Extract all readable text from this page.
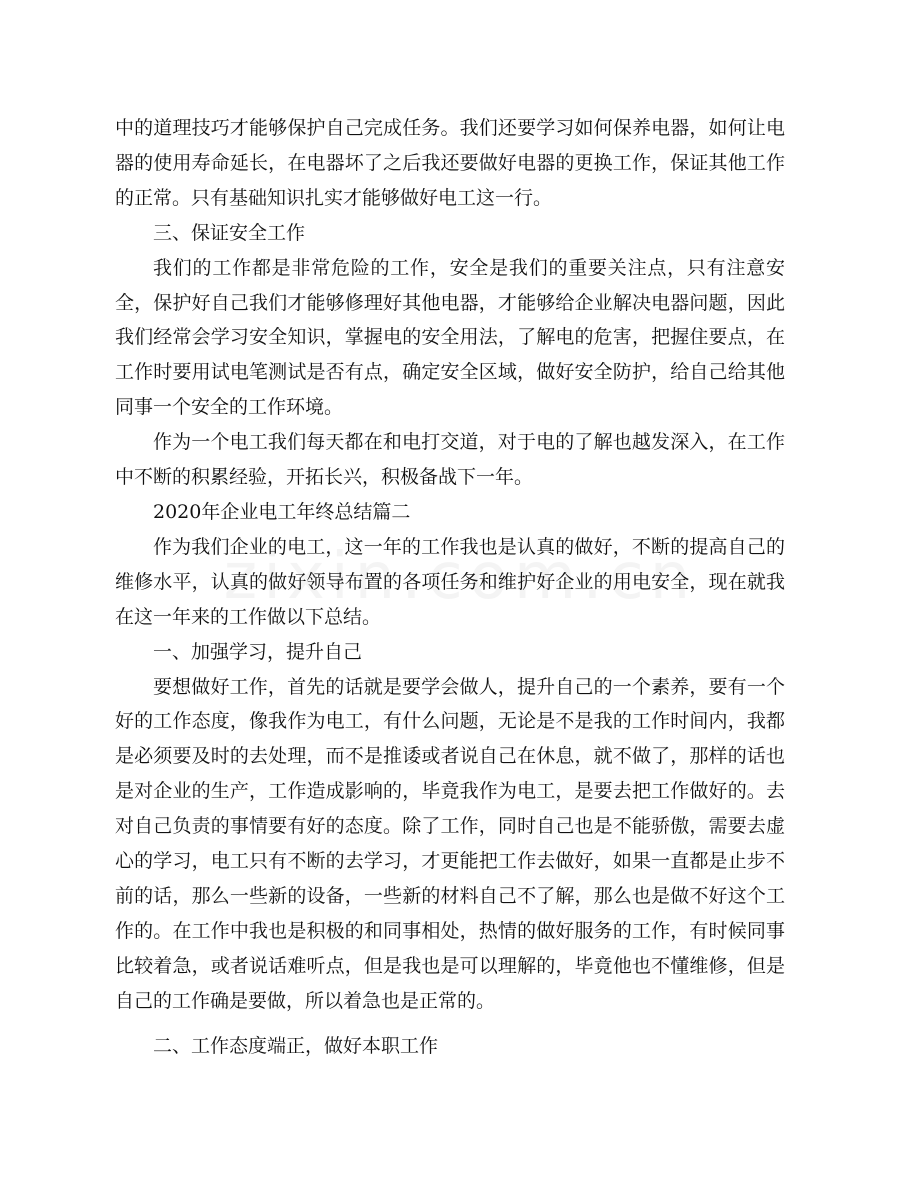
中的道理技巧才能够保护自己完成任务。我们还要学习如何保养电器，如何让电器的使用寿命延长，在电器坏了之后我还要做好电器的更换工作，保证其他工作的正常。只有基础知识扎实才能够做好电工这一行。

三、保证安全工作

我们的工作都是非常危险的工作，安全是我们的重要关注点，只有注意安全，保护好自己我们才能够修理好其他电器，才能够给企业解决电器问题，因此我们经常会学习安全知识，掌握电的安全用法，了解电的危害，把握住要点，在工作时要用试电笔测试是否有点，确定安全区域，做好安全防护，给自己给其他同事一个安全的工作环境。

作为一个电工我们每天都在和电打交道，对于电的了解也越发深入，在工作中不断的积累经验，开拓长兴，积极备战下一年。

2020年企业电工年终总结篇二

作为我们企业的电工，这一年的工作我也是认真的做好，不断的提高自己的维修水平，认真的做好领导布置的各项任务和维护好企业的用电安全，现在就我在这一年来的工作做以下总结。

一、加强学习，提升自己

要想做好工作，首先的话就是要学会做人，提升自己的一个素养，要有一个好的工作态度，像我作为电工，有什么问题，无论是不是我的工作时间内，我都是必须要及时的去处理，而不是推诿或者说自己在休息，就不做了，那样的话也是对企业的生产，工作造成影响的，毕竟我作为电工，是要去把工作做好的。去对自己负责的事情要有好的态度。除了工作，同时自己也是不能骄傲，需要去虚心的学习，电工只有不断的去学习，才更能把工作去做好，如果一直都是止步不前的话，那么一些新的设备，一些新的材料自己不了解，那么也是做不好这个工作的。在工作中我也是积极的和同事相处，热情的做好服务的工作，有时候同事比较着急，或者说话难听点，但是我也是可以理解的，毕竟他也不懂维修，但是自己的工作确是要做，所以着急也是正常的。

二、工作态度端正，做好本职工作
